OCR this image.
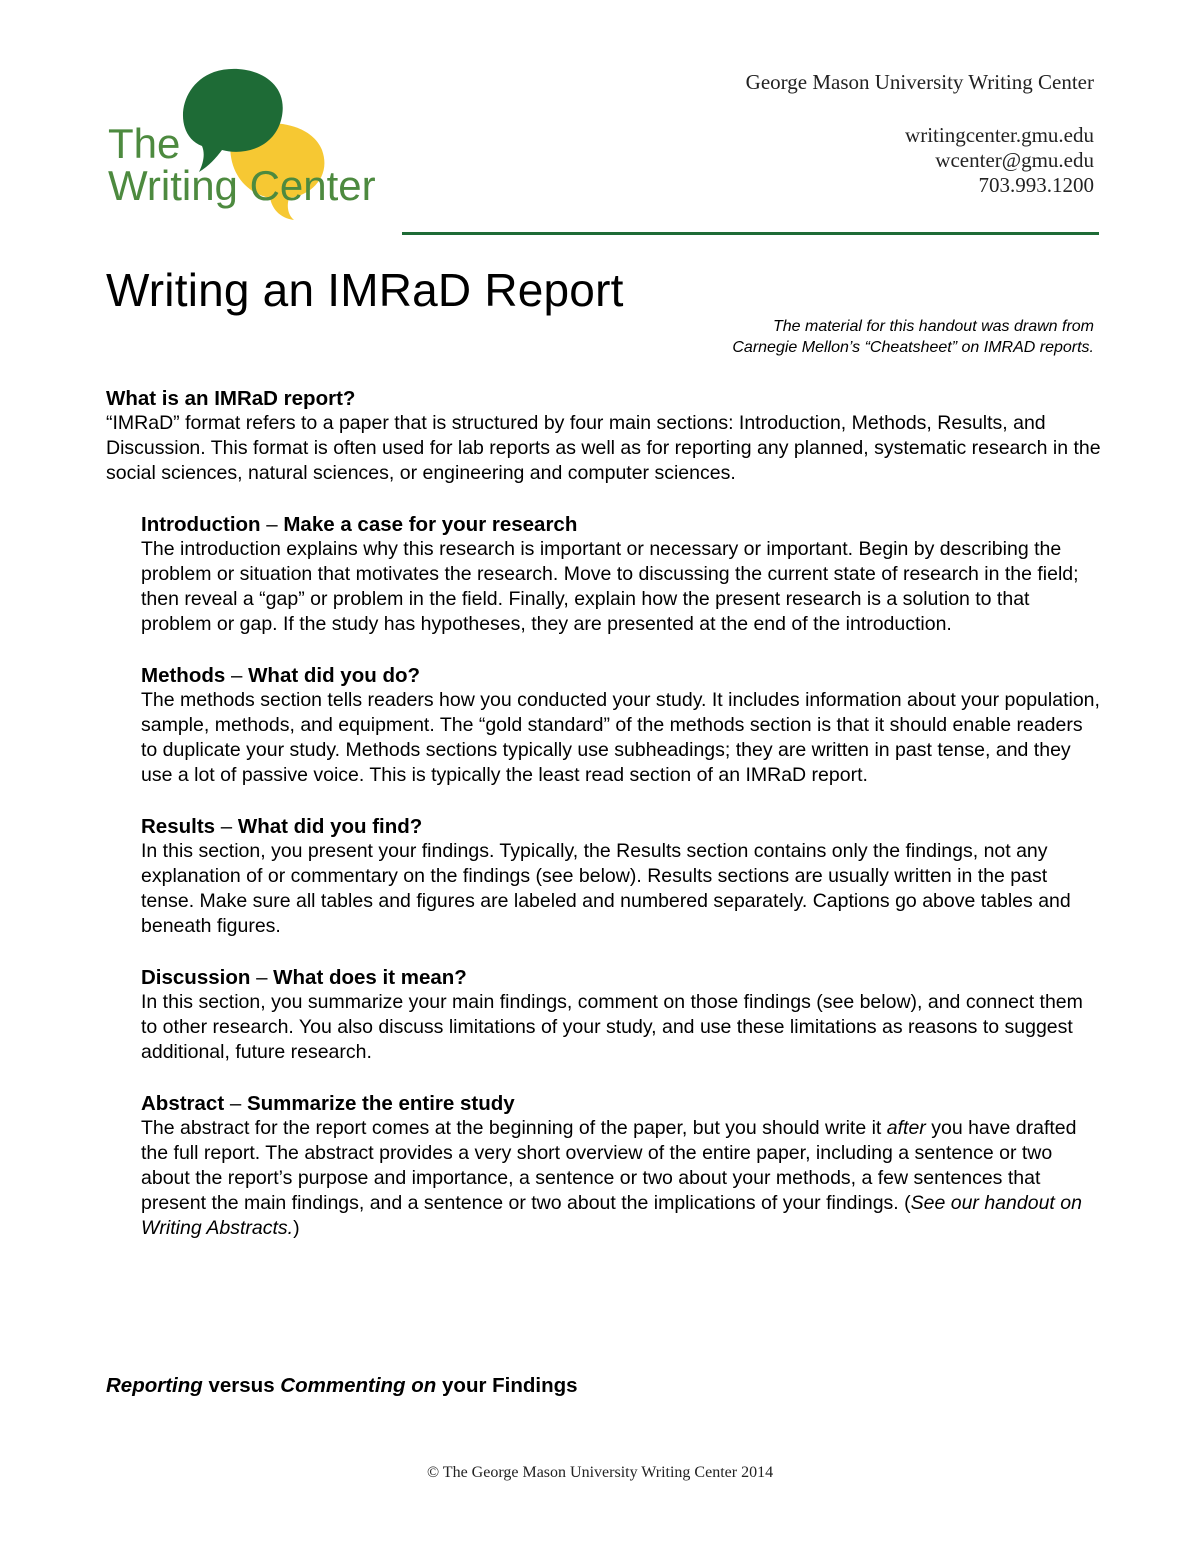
The
Writing Center
George Mason University Writing Center
writingcenter.gmu.edu
wcenter@gmu.edu
703.993.1200
Writing an IMRaD Report
The material for this handout was drawn from
Carnegie Mellon’s “Cheatsheet” on IMRAD reports.
What is an IMRaD report?

“IMRaD” format refers to a paper that is structured by four main sections: Introduction, Methods, Results, and Discussion. This format is often used for lab reports as well as for reporting any planned, systematic research in the social sciences, natural sciences, or engineering and computer sciences.

Introduction – Make a case for your research

The introduction explains why this research is important or necessary or important. Begin by describing the problem or situation that motivates the research. Move to discussing the current state of research in the field; then reveal a “gap” or problem in the field. Finally, explain how the present research is a solution to that problem or gap. If the study has hypotheses, they are presented at the end of the introduction.

Methods – What did you do?

The methods section tells readers how you conducted your study. It includes information about your population, sample, methods, and equipment. The “gold standard” of the methods section is that it should enable readers to duplicate your study. Methods sections typically use subheadings; they are written in past tense, and they use a lot of passive voice. This is typically the least read section of an IMRaD report.

Results – What did you find?

In this section, you present your findings. Typically, the Results section contains only the findings, not any explanation of or commentary on the findings (see below). Results sections are usually written in the past tense. Make sure all tables and figures are labeled and numbered separately. Captions go above tables and beneath figures.

Discussion – What does it mean?

In this section, you summarize your main findings, comment on those findings (see below), and connect them to other research. You also discuss limitations of your study, and use these limitations as reasons to suggest additional, future research.

Abstract – Summarize the entire study

The abstract for the report comes at the beginning of the paper, but you should write it after you have drafted the full report. The abstract provides a very short overview of the entire paper, including a sentence or two about the report’s purpose and importance, a sentence or two about your methods, a few sentences that present the main findings, and a sentence or two about the implications of your findings. (See our handout on Writing Abstracts.)

Reporting versus Commenting on your Findings
© The George Mason University Writing Center 2014
